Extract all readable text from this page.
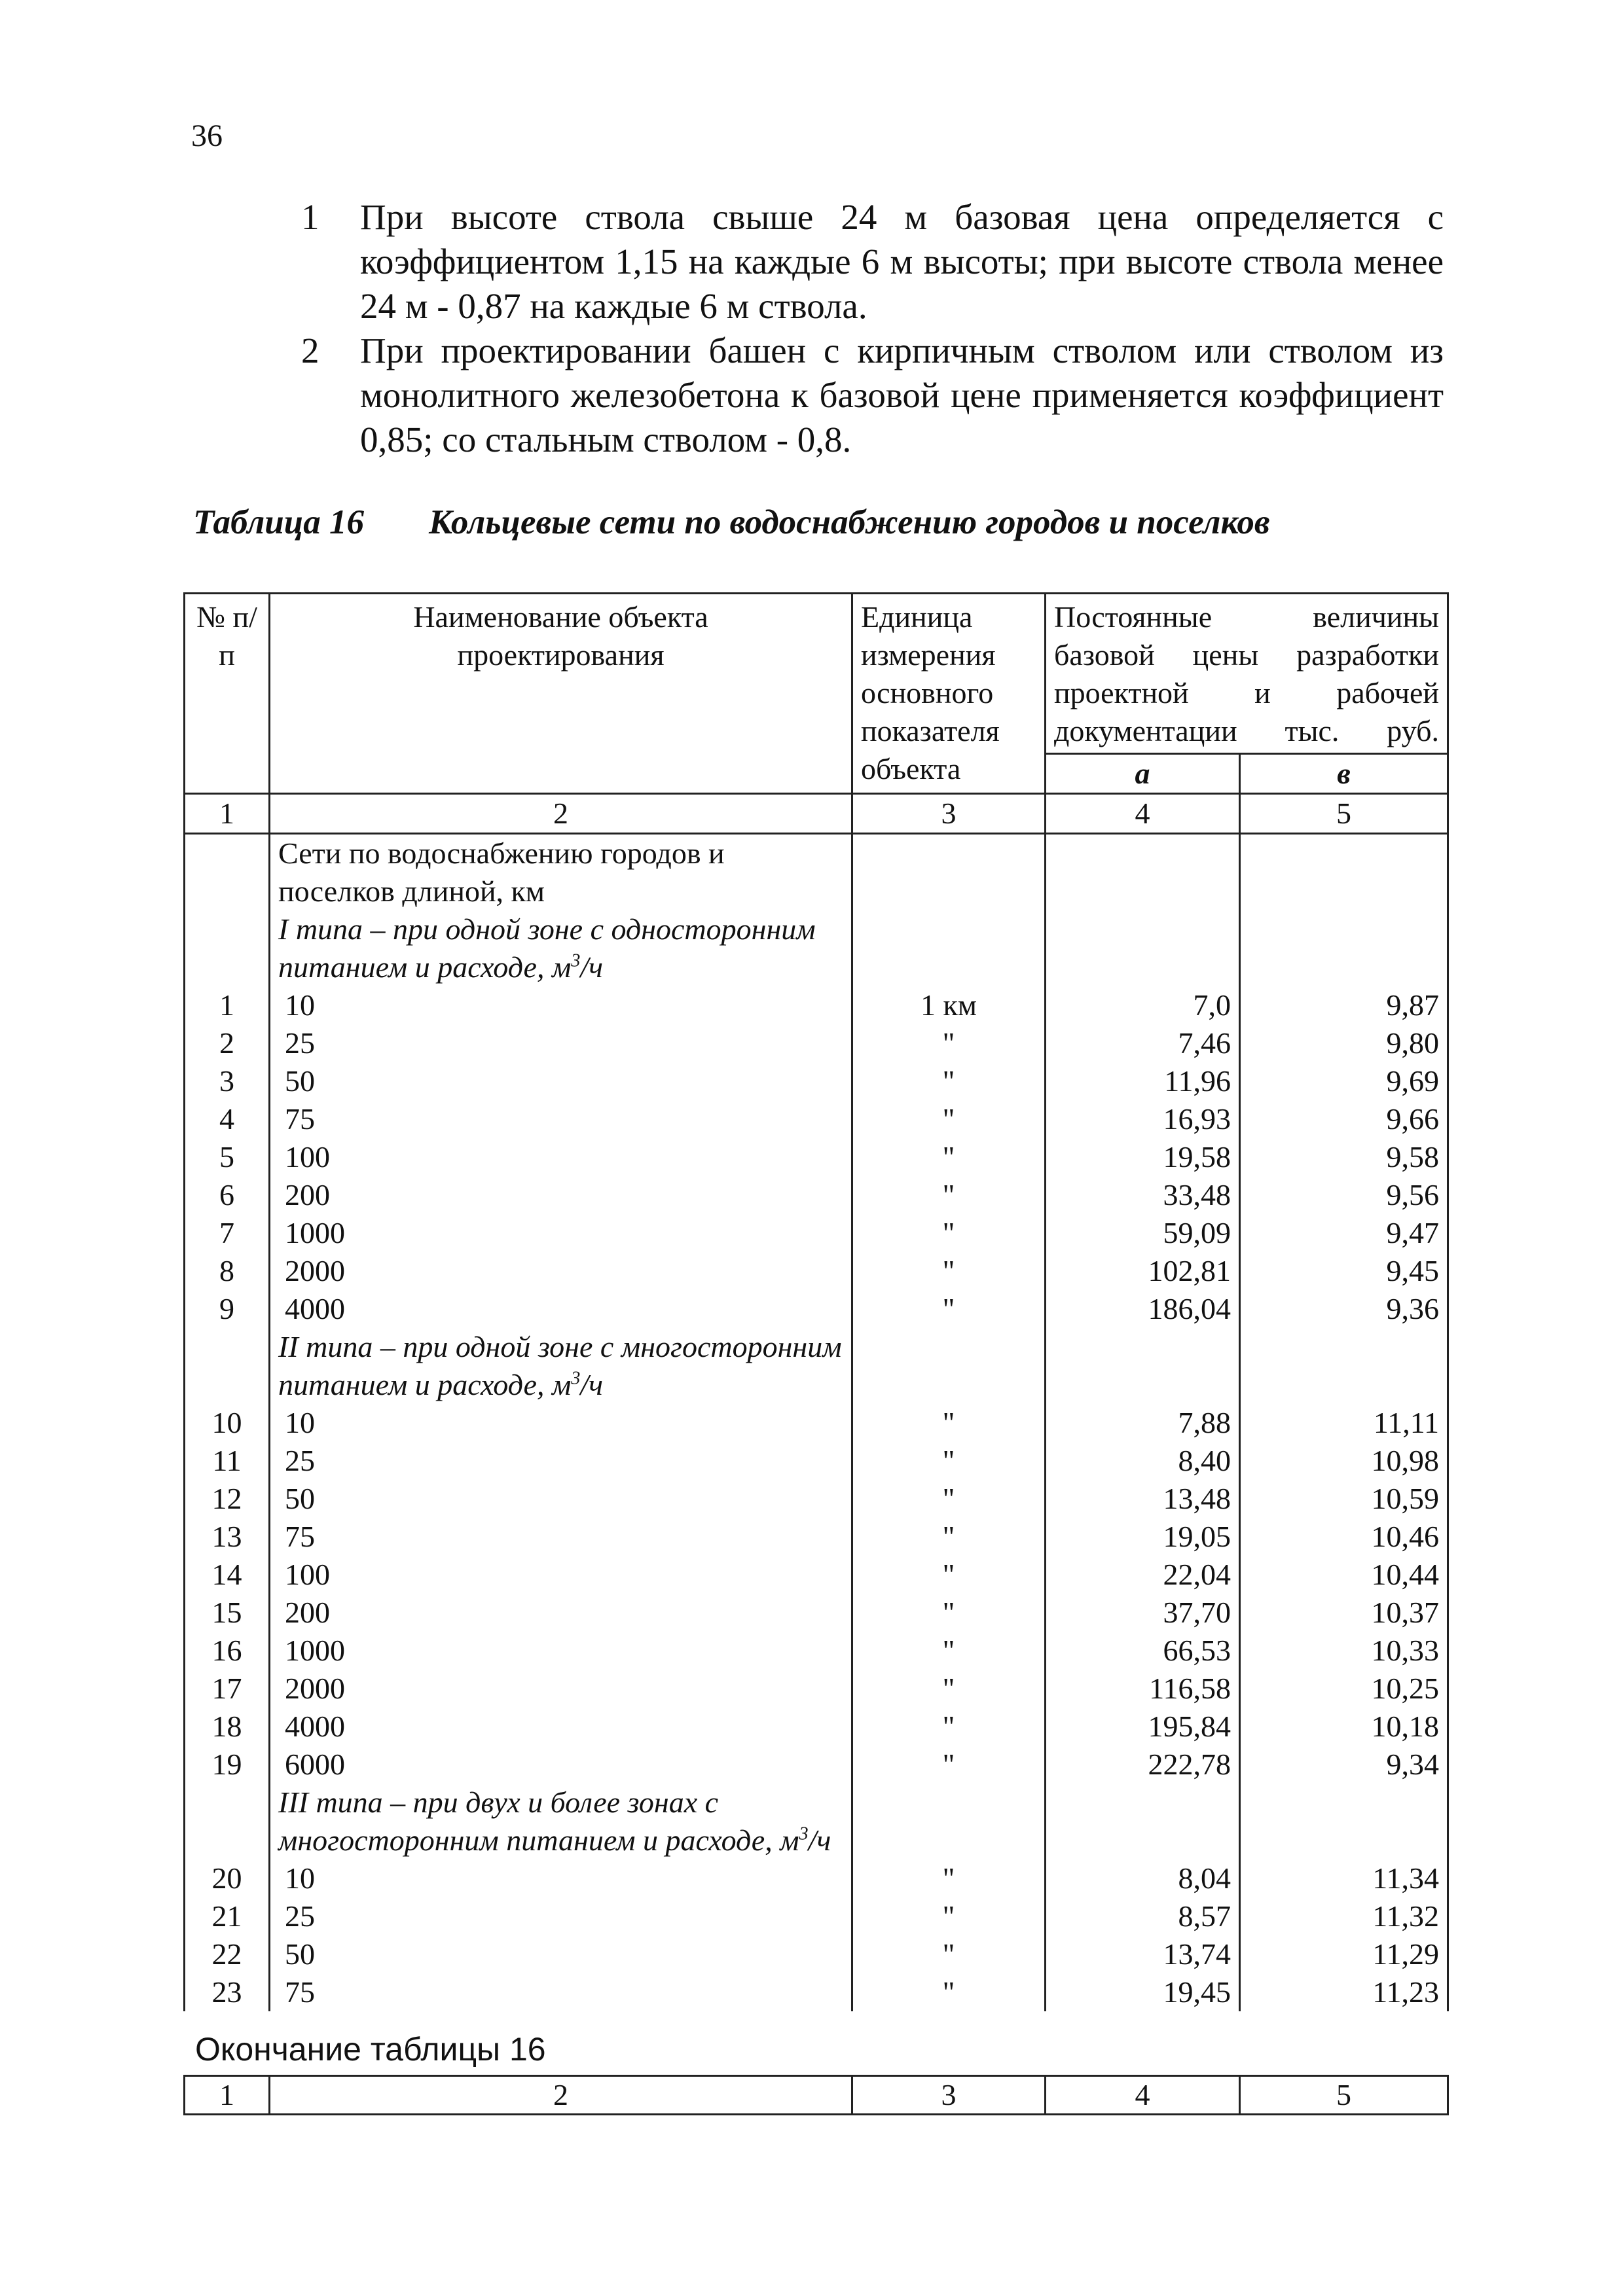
36
1	При высоте ствола свыше 24 м базовая цена определяется с коэффициентом 1,15 на каждые 6 м высоты; при высоте ствола менее 24 м - 0,87 на каждые 6 м ствола.
2	При проектировании башен с кирпичным стволом или стволом из монолитного железобетона к базовой цене применяется коэффициент 0,85; со стальным стволом - 0,8.
Таблица 16 Кольцевые сети по водоснабжению городов и поселков
№ п/п	Наименование объекта проектирования	Единица измерения основного показателя объекта	Постоянные величины базовой цены разработки проектной и рабочей документации тыс. руб.	
			а	в
1	2	3	4	5
	Сети по водоснабжению городов и поселков длиной, км			
	I типа – при одной зоне с односторонним питанием и расходе, $м^3/ч$			
1	10	1 км	7,0	9,87
2	25	"	7,46	9,80
3	50	"	11,96	9,69
4	75	"	16,93	9,66
5	100	"	19,58	9,58
6	200	"	33,48	9,56
7	1000	"	59,09	9,47
8	2000	"	102,81	9,45
9	4000	"	186,04	9,36
	II типа – при одной зоне с многосторонним питанием и расходе, $м^3/ч$			
10	10	"	7,88	11,11
11	25	"	8,40	10,98
12	50	"	13,48	10,59
13	75	"	19,05	10,46
14	100	"	22,04	10,44
15	200	"	37,70	10,37
16	1000	"	66,53	10,33
17	2000	"	116,58	10,25
18	4000	"	195,84	10,18
19	6000	"	222,78	9,34
	III типа – при двух и более зонах с многосторонним питанием и расходе, $м^3/ч$			
20	10	"	8,04	11,34
21	25	"	8,57	11,32
22	50	"	13,74	11,29
23	75	"	19,45	11,23
Окончание таблицы 16
1	2	3	4	5
